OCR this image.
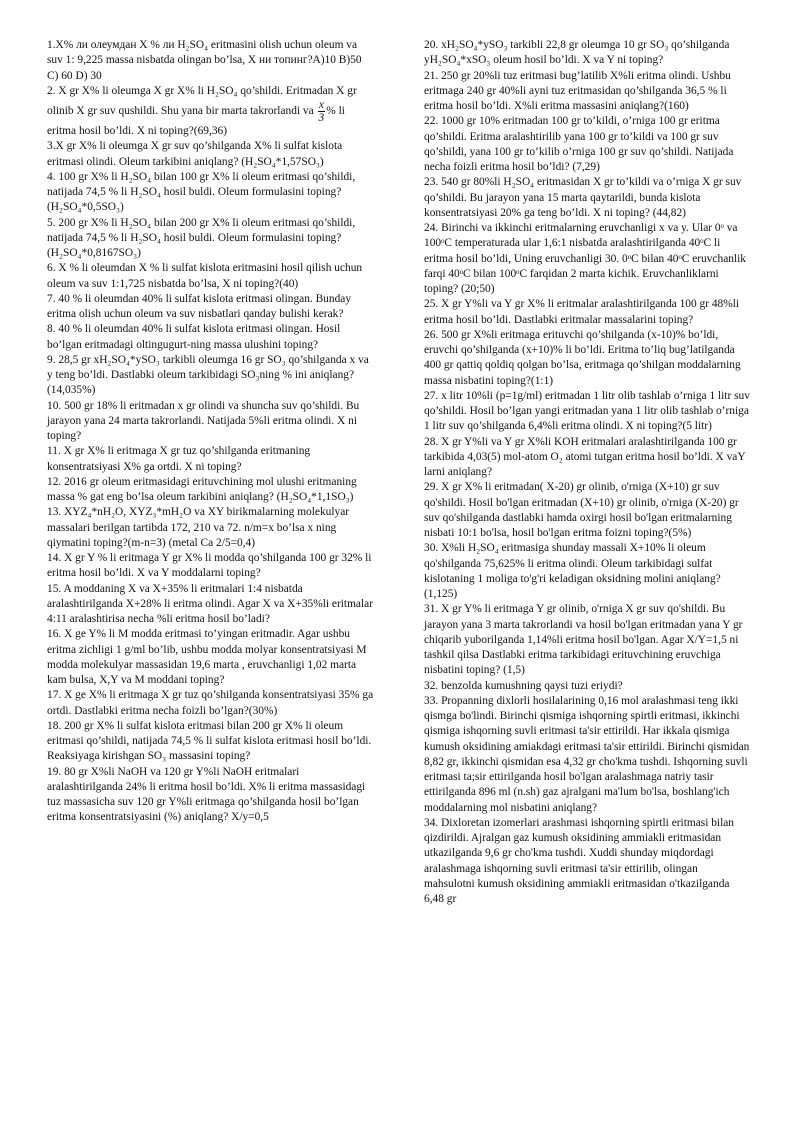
1.X% ли олеумдан X % ли H₂SO₄ eritmasini olish uchun oleum va suv 1: 9,225 massa nisbatda olingan bo’lsa, X ни топинг?A)10 B)50 C) 60 D) 30

2. X gr X% li oleumga X gr X% li H₂SO₄ qo’shildi. Eritmadan X gr olinib X gr suv qushildi. Shu yana bir marta takrorlandi va $\frac{x}{3}$ % li eritma hosil bo’ldi. X ni toping?(69,36)

3.X gr X% li oleumga X gr suv qo’shilganda X% li sulfat kislota eritmasi olindi. Oleum tarkibini aniqlang? (H₂SO₄*1,57SO₃)

4. 100 gr X% li H₂SO₄ bilan 100 gr X% li oleum eritmasi qo’shildi, natijada 74,5 % li H₂SO₄ hosil buldi. Oleum formulasini toping? (H₂SO₄*0,5SO₃)

5. 200 gr X% li H₂SO₄ bilan 200 gr X% li oleum eritmasi qo’shildi, natijada 74,5 % li H₂SO₄ hosil buldi. Oleum formulasini toping? (H₂SO₄*0,8167SO₃)

6. X % li oleumdan X % li sulfat kislota eritmasini hosil qilish uchun oleum va suv 1:1,725 nisbatda bo’lsa, X ni toping?(40)

7. 40 % li oleumdan 40% li sulfat kislota eritmasi olingan. Bunday eritma olish uchun oleum va suv nisbatlari qanday bulishi kerak?

8. 40 % li oleumdan 40% li sulfat kislota eritmasi olingan. Hosil bo’lgan eritmadagi oltingugurt-ning massa ulushini toping?

9. 28,5 gr xH₂SO₄*ySO₃ tarkibli oleumga 16 gr SO₃ qo’shilganda x va y teng bo’ldi. Dastlabki oleum tarkibidagi SO₃ning % ini aniqlang?(14,035%)

10. 500 gr 18% li eritmadan x gr olindi va shuncha suv qo’shildi. Bu jarayon yana 24 marta takrorlandi. Natijada 5%li eritma olindi. X ni toping?

11. X gr X% li eritmaga X gr tuz qo’shilganda eritmaning konsentratsiyasi X% ga ortdi. X ni toping?

12. 2016 gr oleum eritmasidagi erituvchining mol ulushi eritmaning massa % gat eng bo’lsa oleum tarkibini aniqlang? (H₂SO₄*1,1SO₃)

13. XYZ₄*nH₂O, XYZ₃*mH₂O va XY birikmalarning molekulyar massalari berilgan tartibda 172, 210 va 72. n/m=x bo’lsa x ning qiymatini toping?(m-n=3) (metal Ca 2/5=0,4)

14. X gr Y % li eritmaga Y gr X% li modda qo’shilganda 100 gr 32% li eritma hosil bo’ldi. X va Y moddalarni toping?

15. A moddaning X va X+35% li eritmalari 1:4 nisbatda aralashtirilganda X+28% li eritma olindi. Agar X va X+35%li eritmalar 4:11 aralashtirisa necha %li eritma hosil bo’ladi?

16. X ge Y% li M modda eritmasi to’yingan eritmadir. Agar ushbu eritma zichligi 1 g/ml bo’lib, ushbu modda molyar konsentratsiyasi M modda molekulyar massasidan 19,6 marta , eruvchanligi 1,02 marta kam bulsa, X,Y va M moddani toping?

17. X ge X% li eritmaga X gr tuz qo’shilganda konsentratsiyasi 35% ga ortdi. Dastlabki eritma necha foizli bo’lgan?(30%)

18. 200 gr X% li sulfat kislota eritmasi bilan 200 gr X% li oleum eritmasi qo’shildi, natijada 74,5 % li sulfat kislota eritmasi hosil bo’ldi. Reaksiyaga kirishgan SO₃ massasini toping?

19. 80 gr X%li NaOH va 120 gr Y%li NaOH eritmalari aralashtirilganda 24% li eritma hosil bo’ldi. X% li eritma massasidagi tuz massasicha suv 120 gr Y%li eritmaga qo’shilganda hosil bo’lgan eritma konsentratsiyasini (%) aniqlang? X/y=0,5

20. xH₂SO₄*ySO₃ tarkibli 22,8 gr oleumga 10 gr SO₃ qo’shilganda yH₂SO₄*xSO₃ oleum hosil bo’ldi. X va Y ni toping?

21. 250 gr 20%li tuz eritmasi bug’latilib X%li eritma olindi. Ushbu eritmaga 240 gr 40%li ayni tuz eritmasidan qo’shilganda 36,5 % li eritma hosil bo’ldi. X%li eritma massasini aniqlang?(160)

22. 1000 gr 10% eritmadan 100 gr to’kildi, o’rniga 100 gr eritma qo’shildi. Eritma aralashtirilib yana 100 gr to’kildi va 100 gr suv qo’shildi, yana 100 gr to’kilib o’rniga 100 gr suv qo’shildi. Natijada necha foizli eritma hosil bo’ldi? (7,29)

23. 540 gr 80%li H₂SO₄ eritmasidan X gr to’kildi va o’rniga X gr suv qo’shildi. Bu jarayon yana 15 marta qaytarildi, bunda kislota konsentratsiyasi 20% ga teng bo’ldi. X ni toping? (44,82)

24. Birinchi va ikkinchi eritmalarning eruvchanligi x va y. Ular 0ᵒ va 100ᵒC temperaturada ular 1,6:1 nisbatda aralashtirilganda 40ᵒC li eritma hosil bo’ldi, Uning eruvchanligi 30. 0ᵒC bilan 40ᵒC eruvchanlik farqi 40ᵒC bilan 100ᵒC farqidan 2 marta kichik. Eruvchanliklarni toping? (20;50)

25. X gr Y%li va Y gr X% li eritmalar aralashtirilganda 100 gr 48%li eritma hosil bo’ldi. Dastlabki eritmalar massalarini toping?

26. 500 gr X%li eritmaga erituvchi qo’shilganda (x-10)% bo’ldi, eruvchi qo’shilganda (x+10)% li bo’ldi. Eritma to’liq bug’latilganda 400 gr qattiq qoldiq qolgan bo’lsa, eritmaga qo’shilgan moddalarning massa nisbatini toping?(1:1)

27. x litr 10%li (p=1g/ml) eritmadan 1 litr olib tashlab o’rniga 1 litr suv qo’shildi. Hosil bo’lgan yangi eritmadan yana 1 litr olib tashlab o’rniga 1 litr suv qo’shilganda 6,4%li eritma olindi. X ni toping?(5 litr)

28. X gr Y%li va Y gr X%li KOH eritmalari aralashtirilganda 100 gr tarkibida 4,03(5) mol-atom O₂ atomi tutgan eritma hosil bo’ldi. X vaY larni aniqlang?

29. X gr X% li eritmadan( X-20) gr olinib, o'rniga (X+10) gr suv qo'shildi. Hosil bo'lgan eritmadan (X+10) gr olinib, o'rniga (X-20) gr suv qo'shilganda dastlabki hamda oxirgi hosil bo'lgan eritmalarning nisbati 10:1 bo'lsa, hosil bo'lgan eritma foizni toping?(5%)

30. X%li H₂SO₄ eritmasiga shunday massali X+10% li oleum qo'shilganda 75,625% li eritma olindi. Oleum tarkibidagi sulfat kislotaning 1 moliga to'g'ri keladigan oksidning molini aniqlang?(1,125)

31. X gr Y% li eritmaga Y gr olinib, o'rniga X gr suv qo'shildi. Bu jarayon yana 3 marta takrorlandi va hosil bo'lgan eritmadan yana Y gr chiqarib yuborilganda 1,14%li eritma hosil bo'lgan. Agar X/Y=1,5 ni tashkil qilsa Dastlabki eritma tarkibidagi erituvchining eruvchiga nisbatini toping? (1,5)

32. benzolda kumushning qaysi tuzi eriydi?

33. Propanning dixlorli hosilalarining 0,16 mol aralashmasi teng ikki qismga bo'lindi. Birinchi qismiga ishqorning spirtli eritmasi, ikkinchi qismiga ishqorning suvli eritmasi ta'sir ettirildi. Har ikkala qismiga kumush oksidining amiakdagi eritmasi ta'sir ettirildi. Birinchi qismidan 8,82 gr, ikkinchi qismidan esa 4,32 gr cho'kma tushdi. Ishqorning suvli eritmasi ta;sir ettirilganda hosil bo'lgan aralashmaga natriy tasir ettirilganda 896 ml (n.sh) gaz ajralgani ma'lum bo'lsa, boshlang'ich moddalarning mol nisbatini aniqlang?

34. Dixloretan izomerlari arashmasi ishqorning spirtli eritmasi bilan qizdirildi. Ajralgan gaz kumush oksidining ammiakli eritmasidan utkazilganda 9,6 gr cho'kma tushdi. Xuddi shunday miqdordagi aralashmaga ishqorning suvli eritmasi ta'sir ettirilib, olingan mahsulotni kumush oksidining ammiakli eritmasidan o'tkazilganda 6,48 gr
